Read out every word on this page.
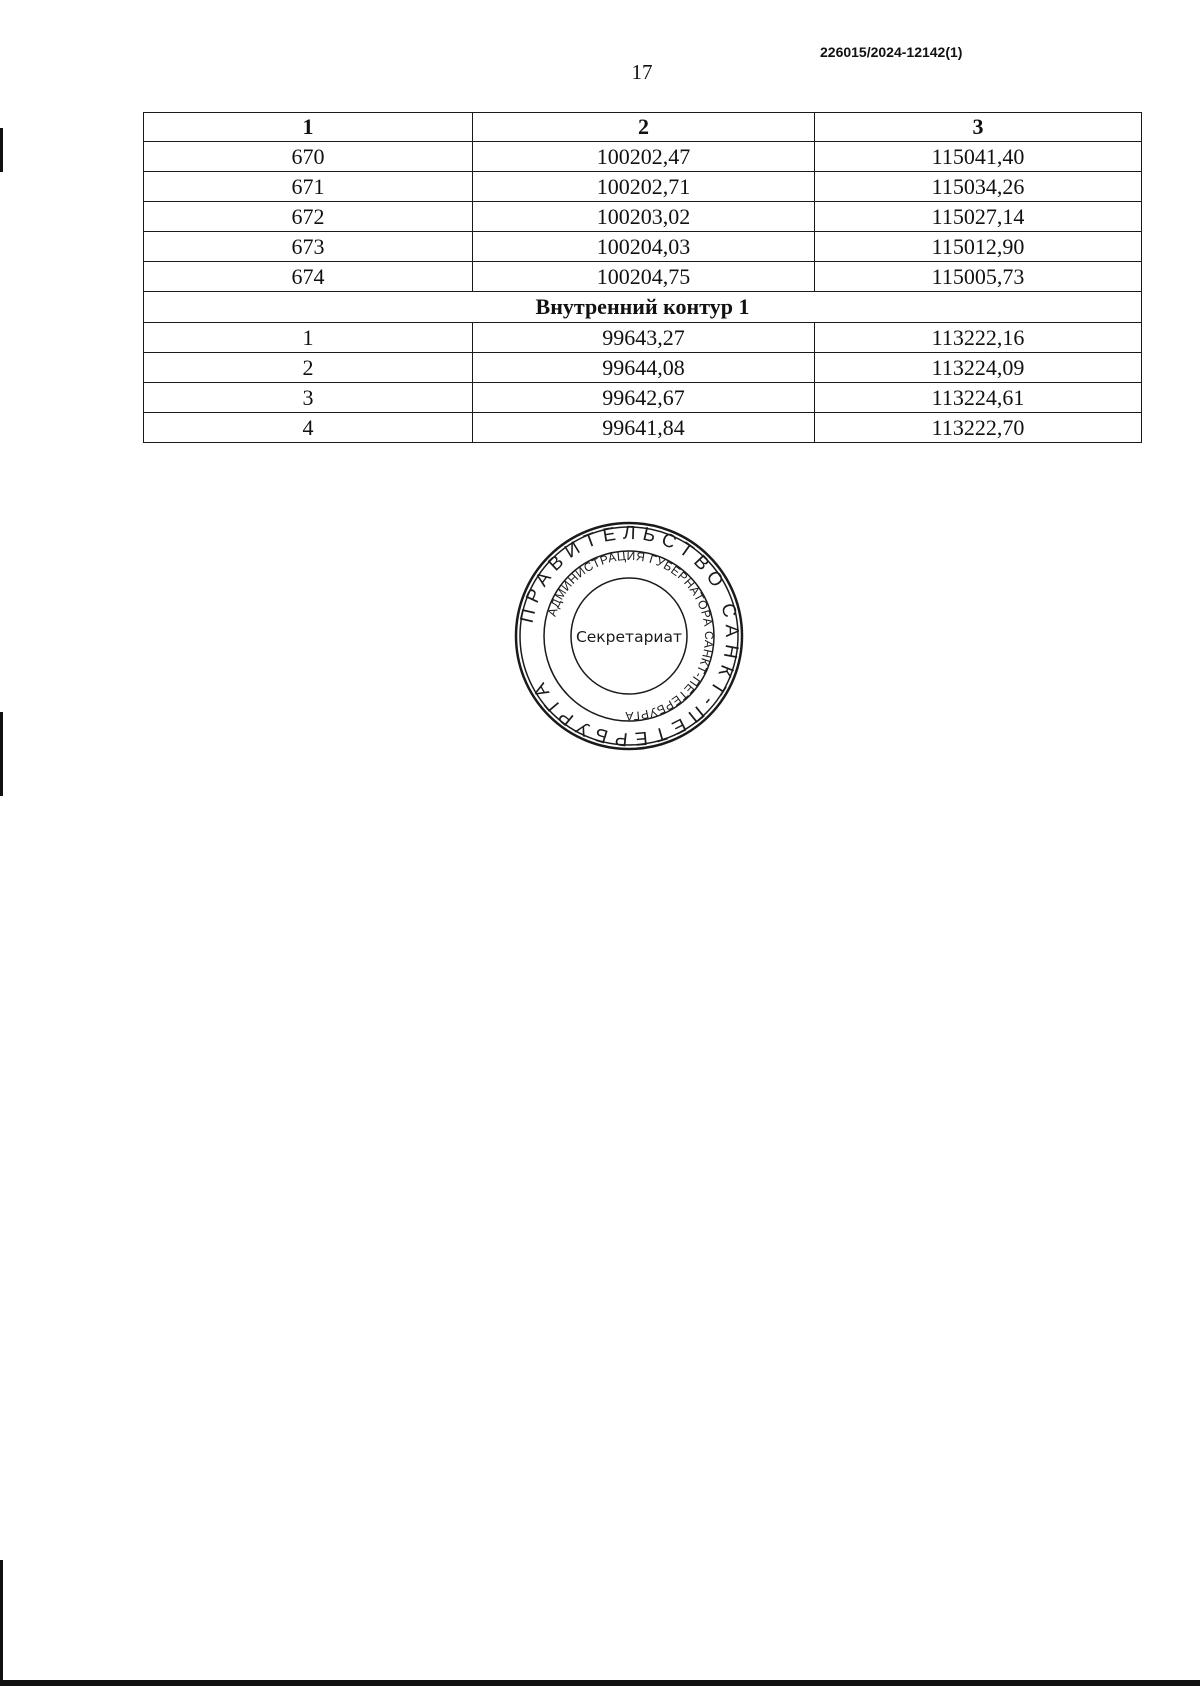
226015/2024-12142(1)
17
1	2	3
670	100202,47	115041,40
671	100202,71	115034,26
672	100203,02	115027,14
673	100204,03	115012,90
674	100204,75	115005,73
Внутренний контур 1		
1	99643,27	113222,16
2	99644,08	113224,09
3	99642,67	113224,61
4	99641,84	113222,70
ПРАВИТЕЛЬСТВО САНКТ-ПЕТЕРБУРГА
АДМИНИСТРАЦИЯ ГУБЕРНАТОРА САНКТ-ПЕТЕРБУРГА
Секретариат
